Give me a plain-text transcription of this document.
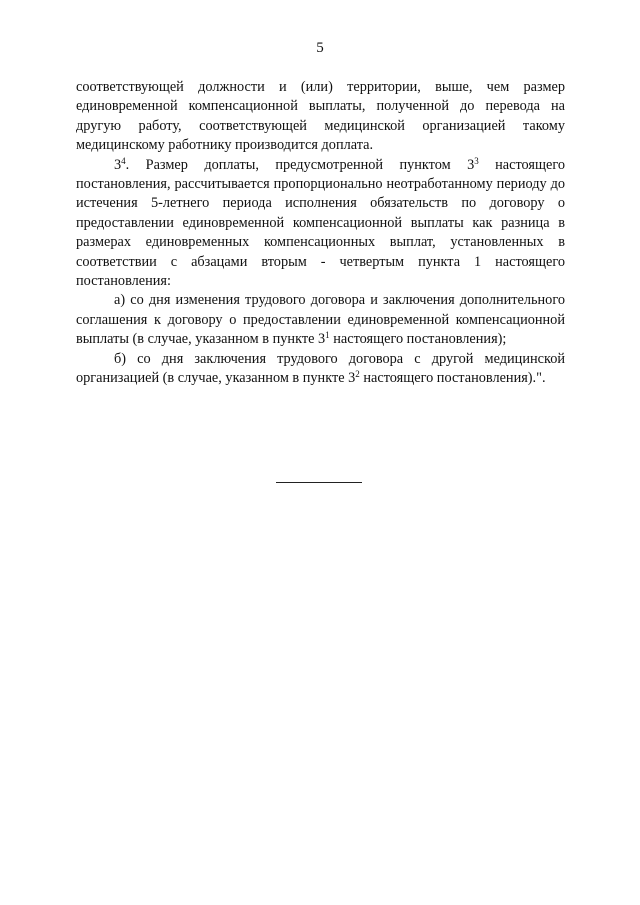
5

соответствующей должности и (или) территории, выше, чем размер единовременной компенсационной выплаты, полученной до перевода на другую работу, соответствующей медицинской организацией такому медицинскому работнику производится доплата.

$3^4$. Размер доплаты, предусмотренной пунктом $3^3$ настоящего постановления, рассчитывается пропорционально неотработанному периоду до истечения 5-летнего периода исполнения обязательств по договору о предоставлении единовременной компенсационной выплаты как разница в размерах единовременных компенсационных выплат, установленных в соответствии с абзацами вторым - четвертым пункта 1 настоящего постановления:

а) со дня изменения трудового договора и заключения дополнительного соглашения к договору о предоставлении единовременной компенсационной выплаты (в случае, указанном в пункте $3^1$ настоящего постановления);

б) со дня заключения трудового договора с другой медицинской организацией (в случае, указанном в пункте $3^2$ настоящего постановления).".
